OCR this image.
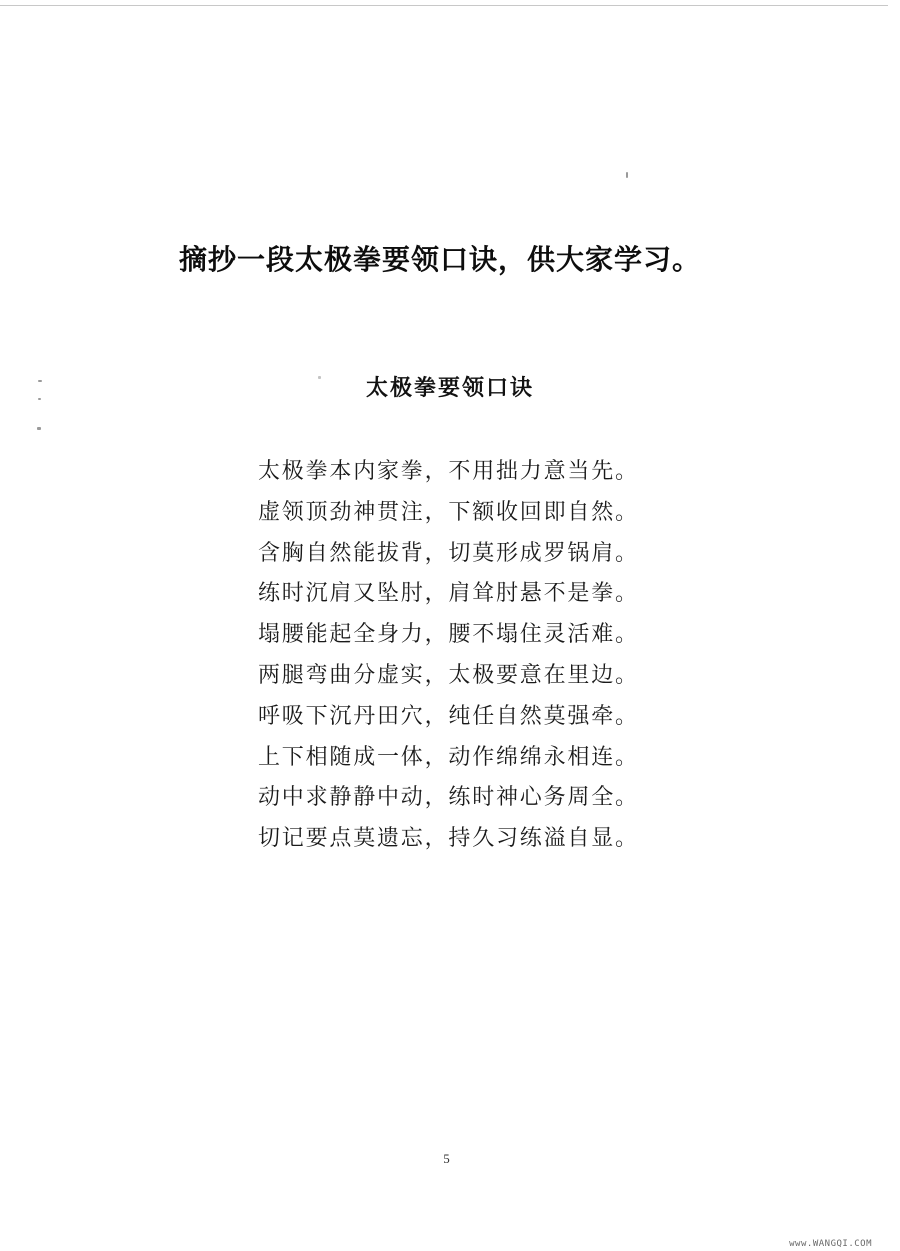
摘抄一段太极拳要领口诀，供大家学习。
太极拳要领口诀
太极拳本内家拳，不用拙力意当先。
虚领顶劲神贯注，下额收回即自然。
含胸自然能拔背，切莫形成罗锅肩。
练时沉肩又坠肘，肩耸肘悬不是拳。
塌腰能起全身力，腰不塌住灵活难。
两腿弯曲分虚实，太极要意在里边。
呼吸下沉丹田穴，纯任自然莫强牵。
上下相随成一体，动作绵绵永相连。
动中求静静中动，练时神心务周全。
切记要点莫遗忘，持久习练溢自显。
5
www.WANGQI.COM
